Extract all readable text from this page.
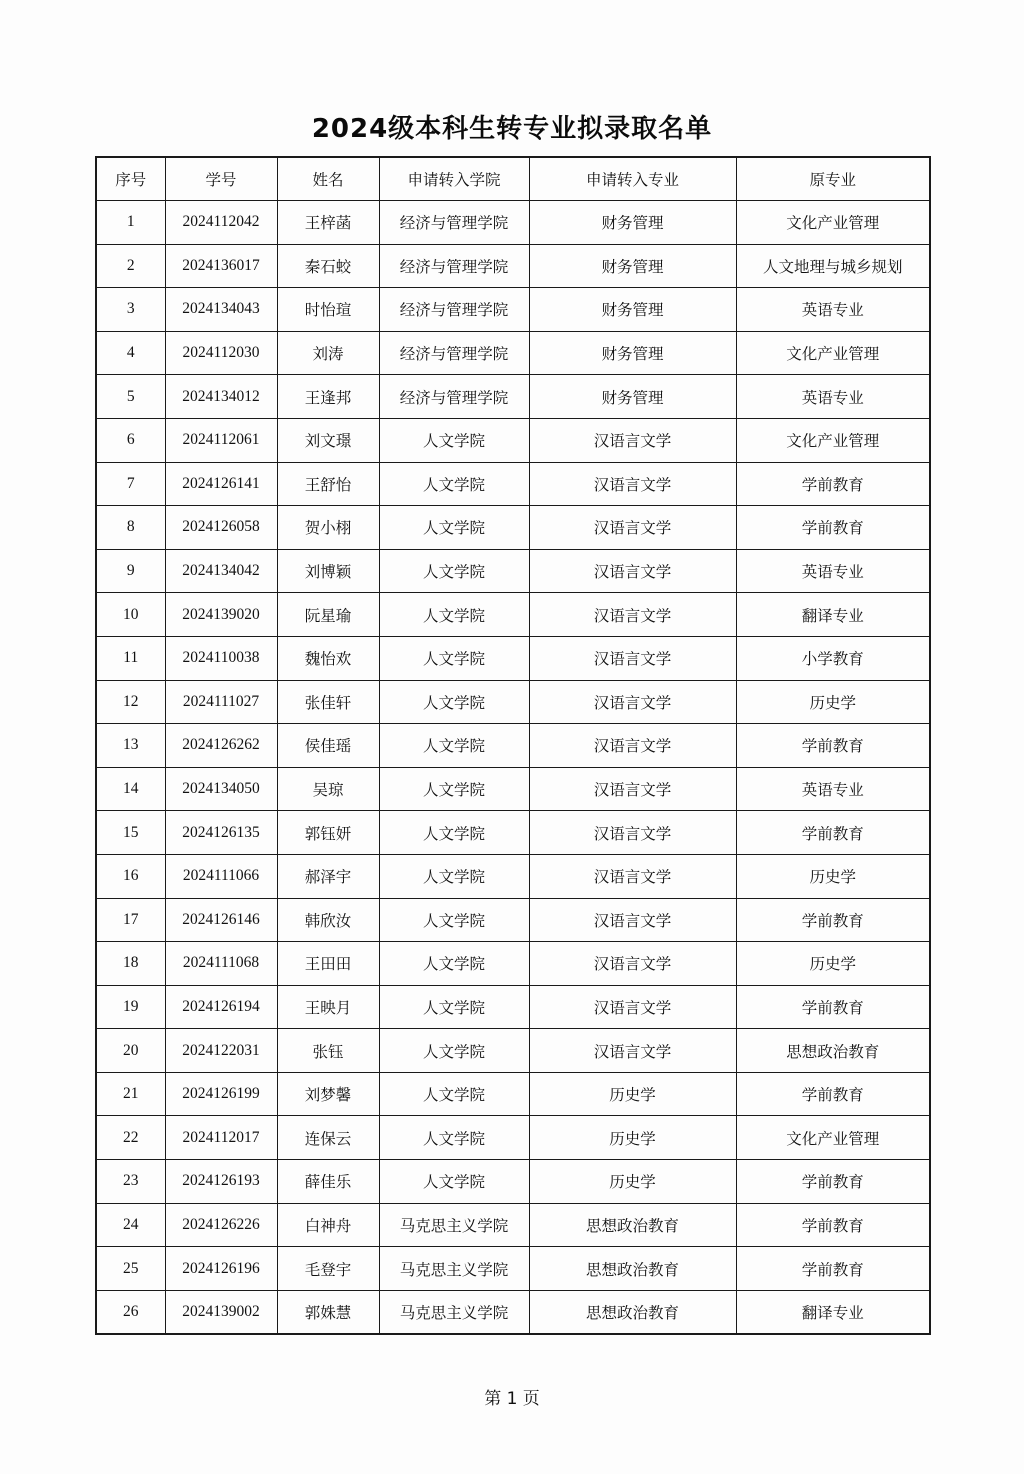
2024级本科生转专业拟录取名单
序号	学号	姓名	申请转入学院	申请转入专业	原专业
1	2024112042	王梓菡	经济与管理学院	财务管理	文化产业管理
2	2024136017	秦石蛟	经济与管理学院	财务管理	人文地理与城乡规划
3	2024134043	时怡瑄	经济与管理学院	财务管理	英语专业
4	2024112030	刘涛	经济与管理学院	财务管理	文化产业管理
5	2024134012	王逢邦	经济与管理学院	财务管理	英语专业
6	2024112061	刘文璟	人文学院	汉语言文学	文化产业管理
7	2024126141	王舒怡	人文学院	汉语言文学	学前教育
8	2024126058	贺小栩	人文学院	汉语言文学	学前教育
9	2024134042	刘博颖	人文学院	汉语言文学	英语专业
10	2024139020	阮星瑜	人文学院	汉语言文学	翻译专业
11	2024110038	魏怡欢	人文学院	汉语言文学	小学教育
12	2024111027	张佳轩	人文学院	汉语言文学	历史学
13	2024126262	侯佳瑶	人文学院	汉语言文学	学前教育
14	2024134050	吴琼	人文学院	汉语言文学	英语专业
15	2024126135	郭钰妍	人文学院	汉语言文学	学前教育
16	2024111066	郝泽宇	人文学院	汉语言文学	历史学
17	2024126146	韩欣汝	人文学院	汉语言文学	学前教育
18	2024111068	王田田	人文学院	汉语言文学	历史学
19	2024126194	王映月	人文学院	汉语言文学	学前教育
20	2024122031	张钰	人文学院	汉语言文学	思想政治教育
21	2024126199	刘梦馨	人文学院	历史学	学前教育
22	2024112017	连保云	人文学院	历史学	文化产业管理
23	2024126193	薛佳乐	人文学院	历史学	学前教育
24	2024126226	白神舟	马克思主义学院	思想政治教育	学前教育
25	2024126196	毛登宇	马克思主义学院	思想政治教育	学前教育
26	2024139002	郭姝慧	马克思主义学院	思想政治教育	翻译专业
第 1 页
